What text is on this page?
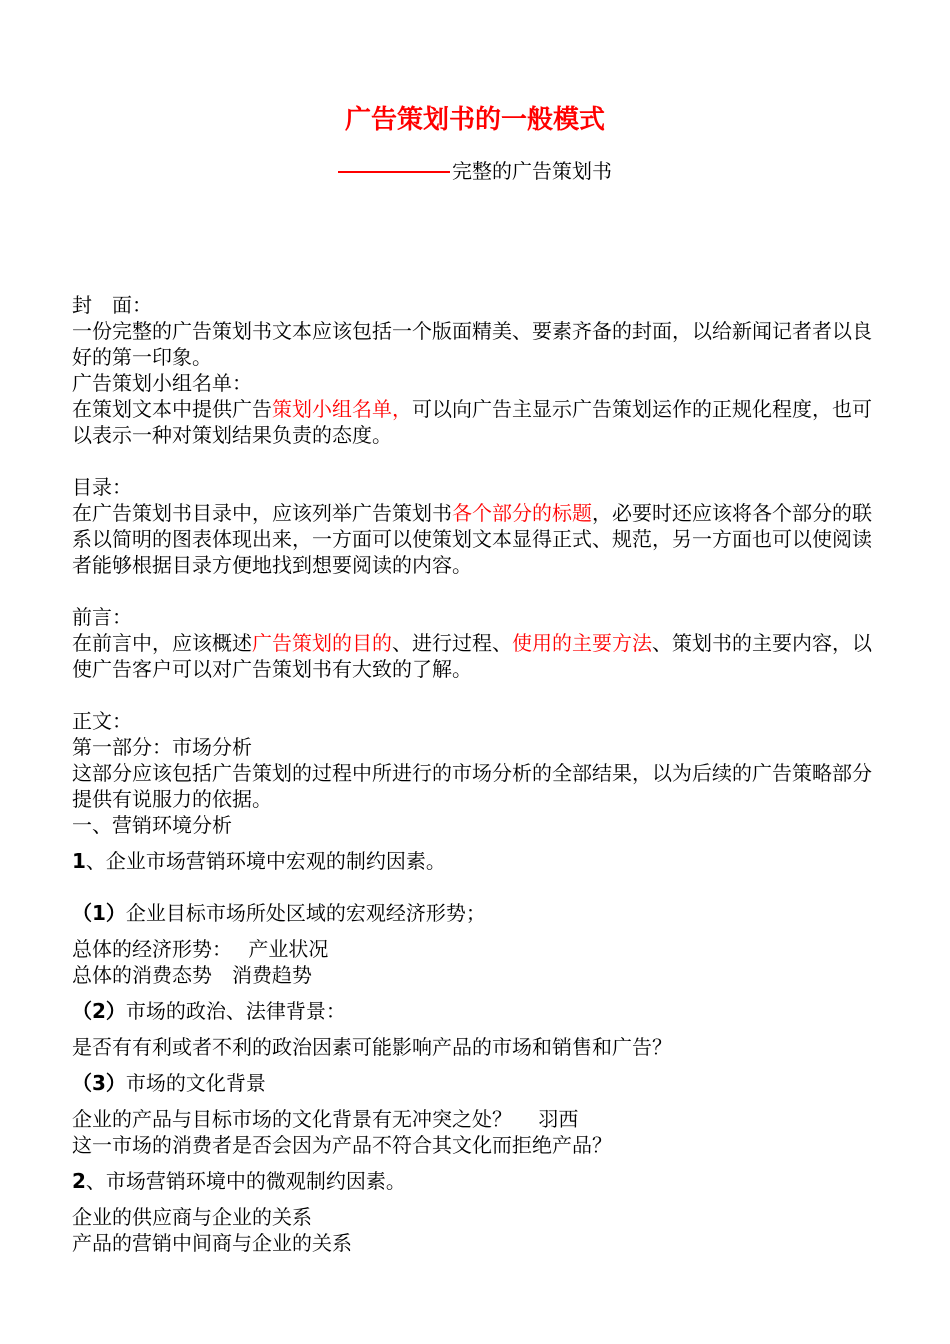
广告策划书的一般模式
完整的广告策划书

封　面：

一份完整的广告策划书文本应该包括一个版面精美、要素齐备的封面，以给新闻记者者以良好的第一印象。

广告策划小组名单：

在策划文本中提供广告策划小组名单，可以向广告主显示广告策划运作的正规化程度，也可以表示一种对策划结果负责的态度。

目录：

在广告策划书目录中，应该列举广告策划书各个部分的标题，必要时还应该将各个部分的联系以简明的图表体现出来，一方面可以使策划文本显得正式、规范，另一方面也可以使阅读者能够根据目录方便地找到想要阅读的内容。

前言：

在前言中，应该概述广告策划的目的、进行过程、使用的主要方法、策划书的主要内容，以使广告客户可以对广告策划书有大致的了解。

正文：

第一部分：市场分析

这部分应该包括广告策划的过程中所进行的市场分析的全部结果，以为后续的广告策略部分提供有说服力的依据。

一、营销环境分析

1、企业市场营销环境中宏观的制约因素。

（1）企业目标市场所处区域的宏观经济形势；

总体的经济形势：　 产业状况

总体的消费态势　消费趋势

（2）市场的政治、法律背景：

是否有有利或者不利的政治因素可能影响产品的市场和销售和广告？

（3）市场的文化背景

企业的产品与目标市场的文化背景有无冲突之处？　 羽西

这一市场的消费者是否会因为产品不符合其文化而拒绝产品？

2、市场营销环境中的微观制约因素。

企业的供应商与企业的关系

产品的营销中间商与企业的关系
